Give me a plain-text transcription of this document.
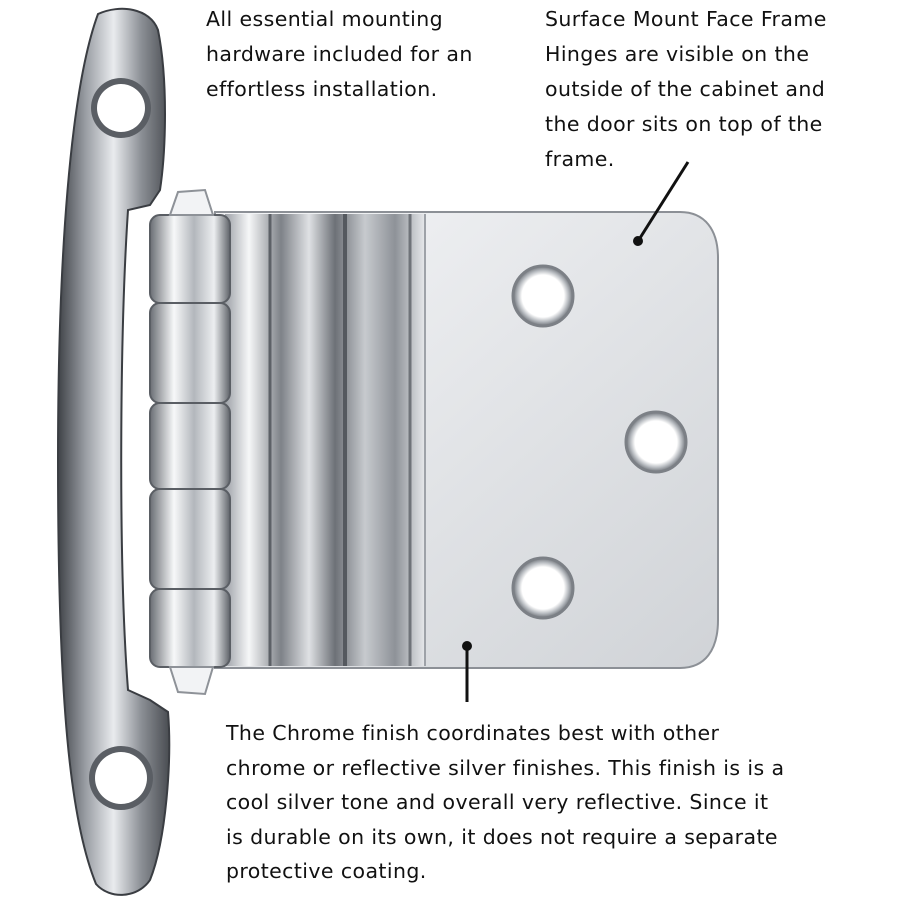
All essential mounting
hardware included for an
effortless installation.

Surface Mount Face Frame
Hinges are visible on the
outside of the cabinet and
the door sits on top of the
frame.

The Chrome finish coordinates best with other
chrome or reflective silver finishes. This finish is is a
cool silver tone and overall very reflective. Since it
is durable on its own, it does not require a separate
protective coating.
